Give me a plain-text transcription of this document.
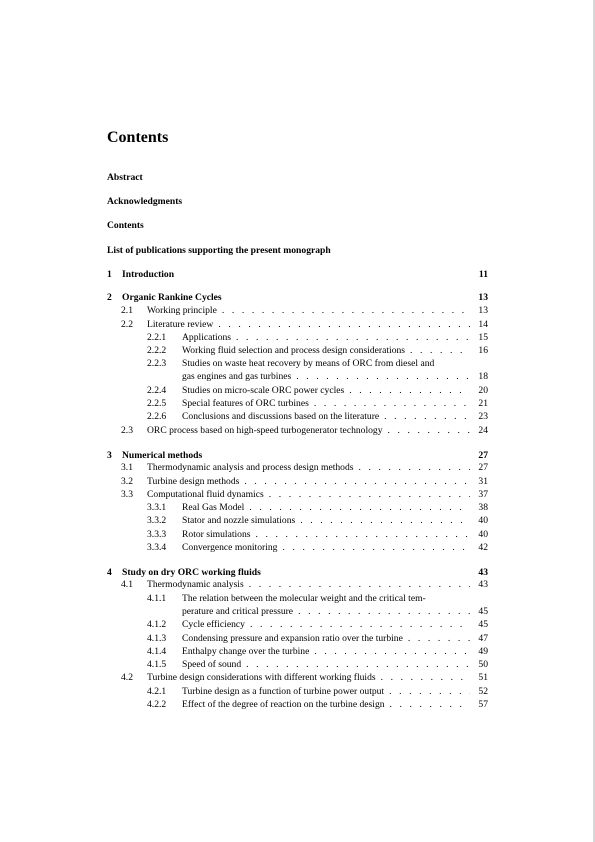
Contents
Abstract
Acknowledgments
Contents
List of publications supporting the present monograph
1 Introduction	11
2 Organic Rankine Cycles	13
2.1 Working principle . . .	13
2.2 Literature review . . .	14
2.2.1 Applications . . .	15
2.2.2 Working fluid selection and process design considerations . . .	16
2.2.3 Studies on waste heat recovery by means of ORC from diesel and
gas engines and gas turbines . . .	18
2.2.4 Studies on micro-scale ORC power cycles . . .	20
2.2.5 Special features of ORC turbines . . .	21
2.2.6 Conclusions and discussions based on the literature . . .	23
2.3 ORC process based on high-speed turbogenerator technology . . .	24
3 Numerical methods	27
3.1 Thermodynamic analysis and process design methods . . .	27
3.2 Turbine design methods . . .	31
3.3 Computational fluid dynamics . . .	37
3.3.1 Real Gas Model . . .	38
3.3.2 Stator and nozzle simulations . . .	40
3.3.3 Rotor simulations . . .	40
3.3.4 Convergence monitoring . . .	42
4 Study on dry ORC working fluids	43
4.1 Thermodynamic analysis . . .	43
4.1.1 The relation between the molecular weight and the critical tem-
perature and critical pressure . . .	45
4.1.2 Cycle efficiency . . .	45
4.1.3 Condensing pressure and expansion ratio over the turbine . . .	47
4.1.4 Enthalpy change over the turbine . . .	49
4.1.5 Speed of sound . . .	50
4.2 Turbine design considerations with different working fluids . . .	51
4.2.1 Turbine design as a function of turbine power output . . .	52
4.2.2 Effect of the degree of reaction on the turbine design . . .	57
